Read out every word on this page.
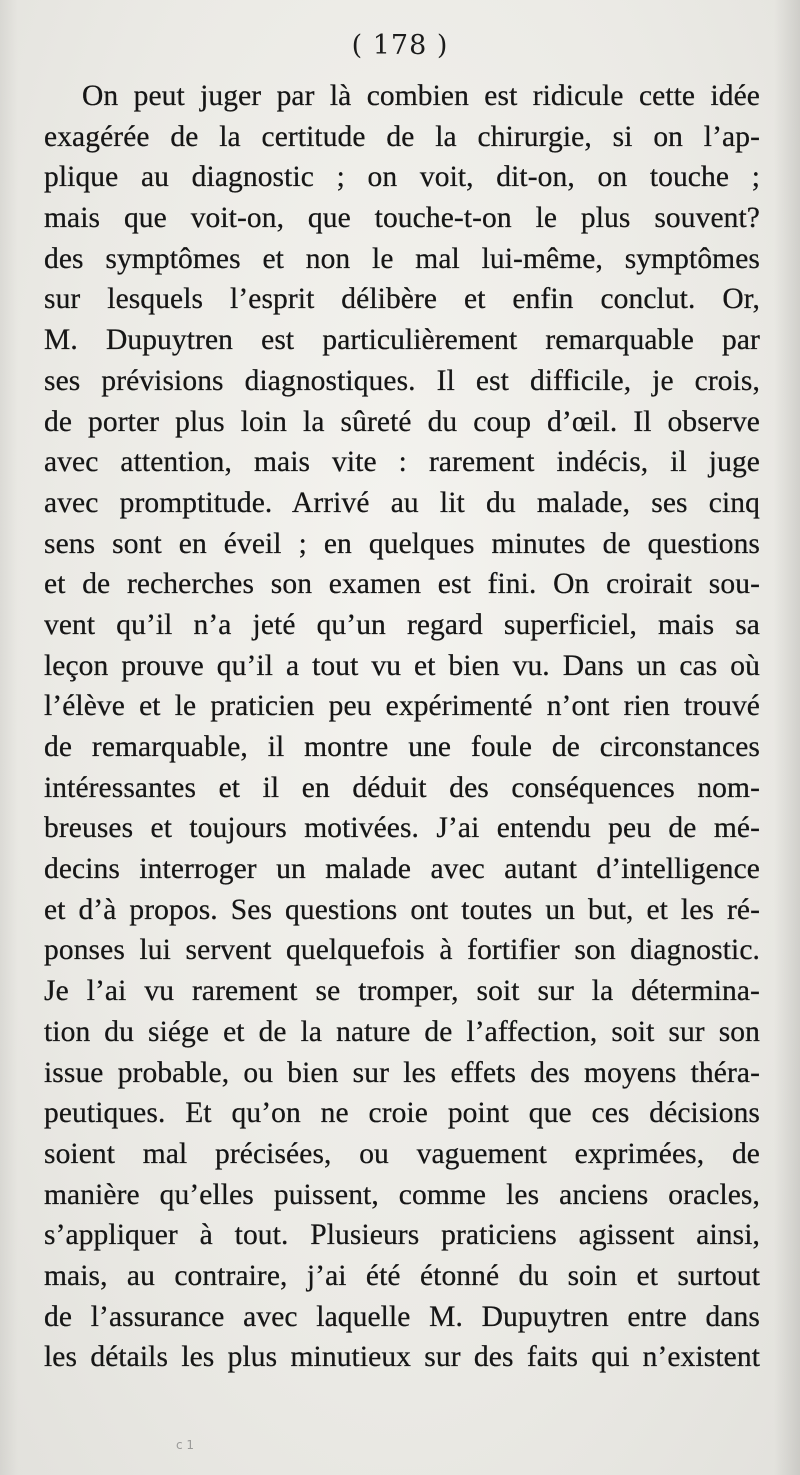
( 178 )
On peut juger par là combien est ridicule cette idée
exagérée de la certitude de la chirurgie, si on l’ap-
plique au diagnostic ; on voit, dit-on, on touche ;
mais que voit-on, que touche-t-on le plus souvent?
des symptômes et non le mal lui-même, symptômes
sur lesquels l’esprit délibère et enfin conclut. Or,
M. Dupuytren est particulièrement remarquable par
ses prévisions diagnostiques. Il est difficile, je crois,
de porter plus loin la sûreté du coup d’œil. Il observe
avec attention, mais vite : rarement indécis, il juge
avec promptitude. Arrivé au lit du malade, ses cinq
sens sont en éveil ; en quelques minutes de questions
et de recherches son examen est fini. On croirait sou-
vent qu’il n’a jeté qu’un regard superficiel, mais sa
leçon prouve qu’il a tout vu et bien vu. Dans un cas où
l’élève et le praticien peu expérimenté n’ont rien trouvé
de remarquable, il montre une foule de circonstances
intéressantes et il en déduit des conséquences nom-
breuses et toujours motivées. J’ai entendu peu de mé-
decins interroger un malade avec autant d’intelligence
et d’à propos. Ses questions ont toutes un but, et les ré-
ponses lui servent quelquefois à fortifier son diagnostic.
Je l’ai vu rarement se tromper, soit sur la détermina-
tion du siége et de la nature de l’affection, soit sur son
issue probable, ou bien sur les effets des moyens théra-
peutiques. Et qu’on ne croie point que ces décisions
soient mal précisées, ou vaguement exprimées, de
manière qu’elles puissent, comme les anciens oracles,
s’appliquer à tout. Plusieurs praticiens agissent ainsi,
mais, au contraire, j’ai été étonné du soin et surtout
de l’assurance avec laquelle M. Dupuytren entre dans
les détails les plus minutieux sur des faits qui n’existent
c 1
